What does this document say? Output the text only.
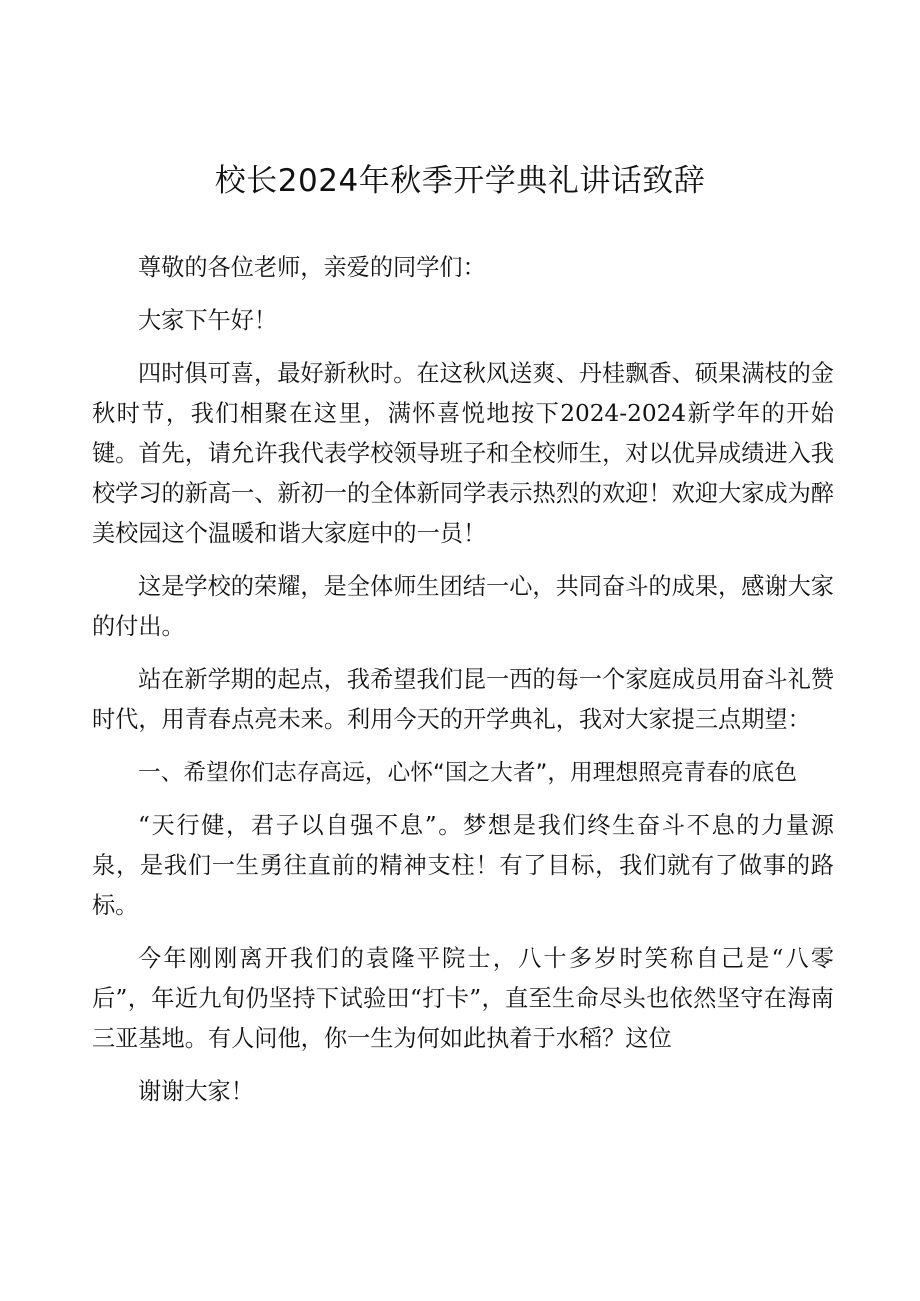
校长2024年秋季开学典礼讲话致辞

尊敬的各位老师，亲爱的同学们：

大家下午好！

四时俱可喜，最好新秋时。在这秋风送爽、丹桂飘香、硕果满枝的金秋时节，我们相聚在这里，满怀喜悦地按下2024-2024新学年的开始键。首先，请允许我代表学校领导班子和全校师生，对以优异成绩进入我校学习的新高一、新初一的全体新同学表示热烈的欢迎！欢迎大家成为醉美校园这个温暖和谐大家庭中的一员！

这是学校的荣耀，是全体师生团结一心，共同奋斗的成果，感谢大家的付出。

站在新学期的起点，我希望我们昆一西的每一个家庭成员用奋斗礼赞时代，用青春点亮未来。利用今天的开学典礼，我对大家提三点期望：

一、希望你们志存高远，心怀“国之大者”，用理想照亮青春的底色

“天行健，君子以自强不息”。梦想是我们终生奋斗不息的力量源泉，是我们一生勇往直前的精神支柱！有了目标，我们就有了做事的路标。

今年刚刚离开我们的袁隆平院士，八十多岁时笑称自己是“八零后”，年近九旬仍坚持下试验田“打卡”，直至生命尽头也依然坚守在海南三亚基地。有人问他，你一生为何如此执着于水稻？这位

谢谢大家！
